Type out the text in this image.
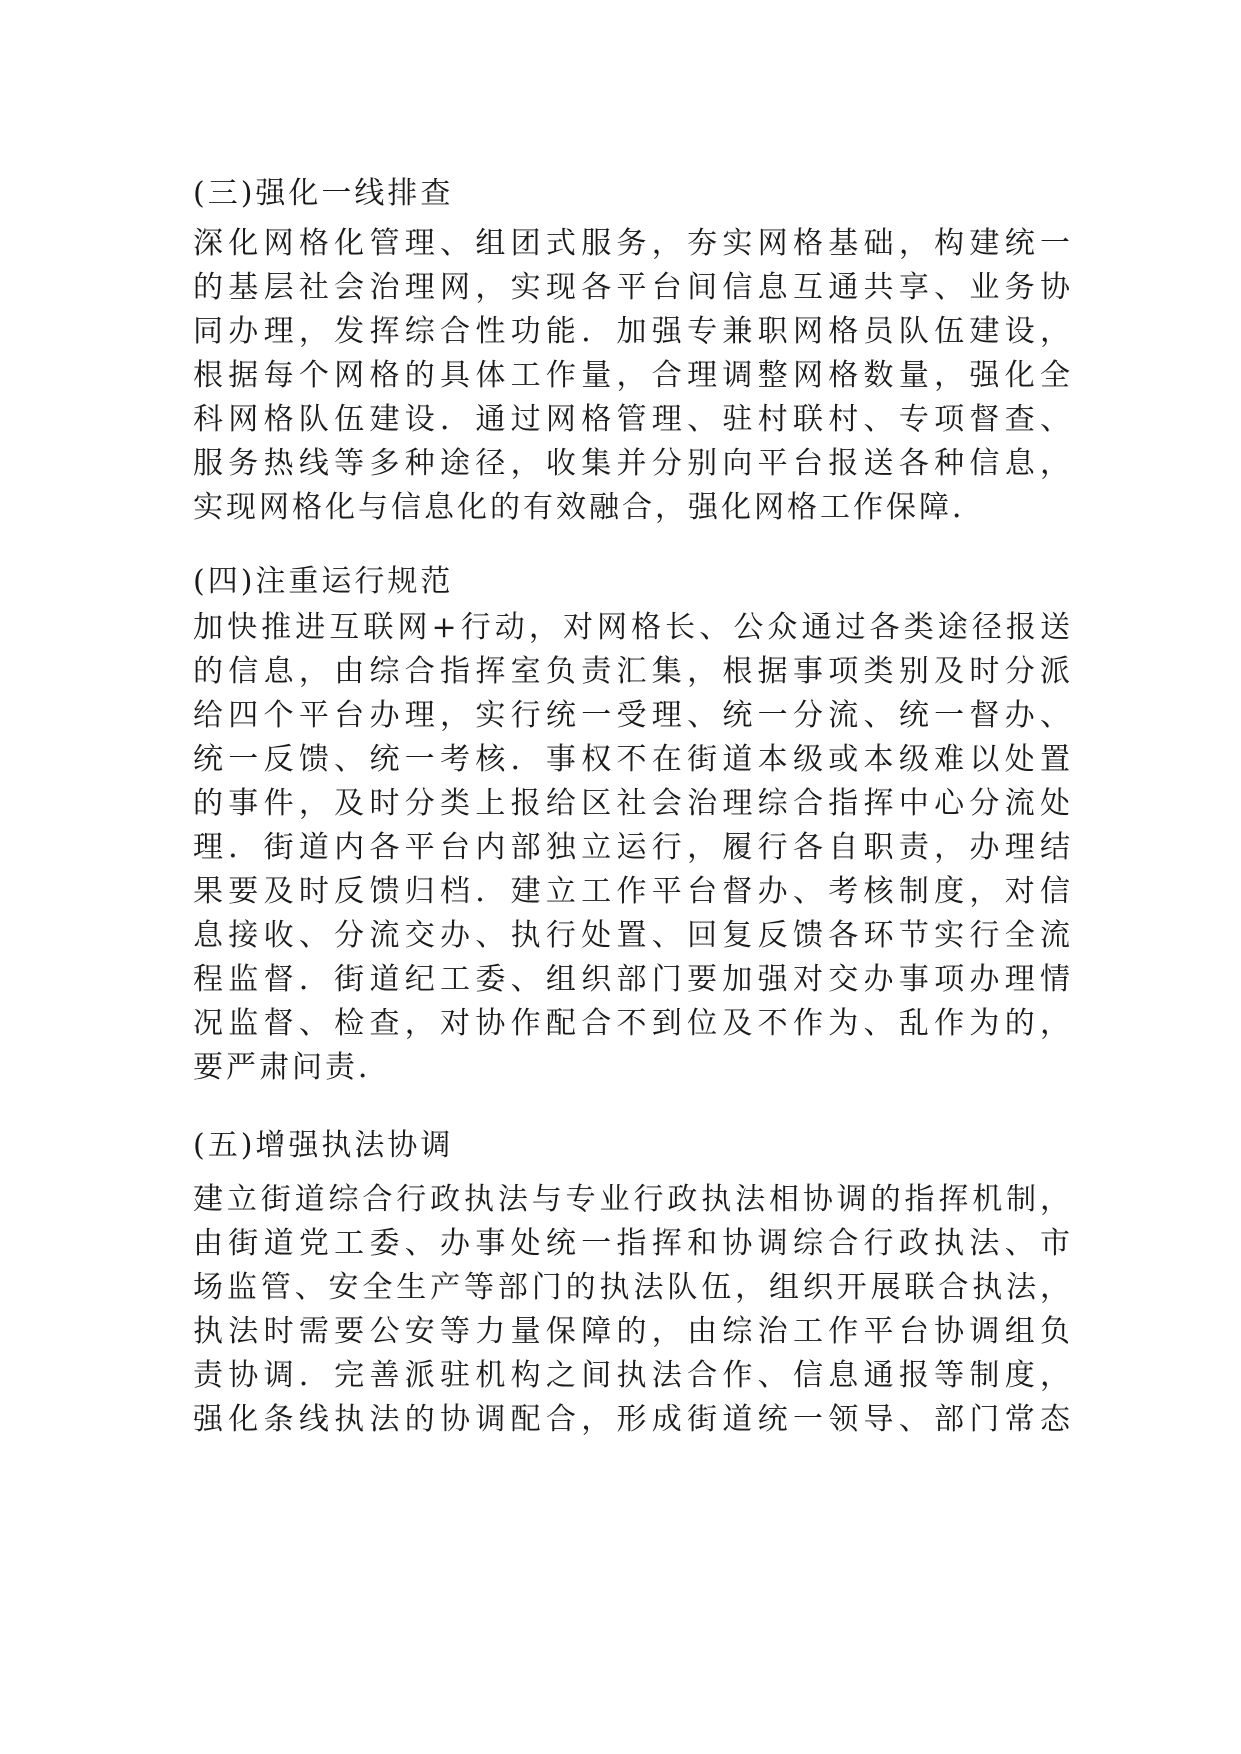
(三)强化一线排查
深化网格化管理、组团式服务，夯实网格基础，构建统一
的基层社会治理网，实现各平台间信息互通共享、业务协
同办理，发挥综合性功能．加强专兼职网格员队伍建设，
根据每个网格的具体工作量，合理调整网格数量，强化全
科网格队伍建设．通过网格管理、驻村联村、专项督查、
服务热线等多种途径，收集并分别向平台报送各种信息，
实现网格化与信息化的有效融合，强化网格工作保障．
(四)注重运行规范
加快推进互联网+行动，对网格长、公众通过各类途径报送
的信息，由综合指挥室负责汇集，根据事项类别及时分派
给四个平台办理，实行统一受理、统一分流、统一督办、
统一反馈、统一考核．事权不在街道本级或本级难以处置
的事件，及时分类上报给区社会治理综合指挥中心分流处
理．街道内各平台内部独立运行，履行各自职责，办理结
果要及时反馈归档．建立工作平台督办、考核制度，对信
息接收、分流交办、执行处置、回复反馈各环节实行全流
程监督．街道纪工委、组织部门要加强对交办事项办理情
况监督、检查，对协作配合不到位及不作为、乱作为的，
要严肃问责．
(五)增强执法协调
建立街道综合行政执法与专业行政执法相协调的指挥机制，
由街道党工委、办事处统一指挥和协调综合行政执法、市
场监管、安全生产等部门的执法队伍，组织开展联合执法，
执法时需要公安等力量保障的，由综治工作平台协调组负
责协调．完善派驻机构之间执法合作、信息通报等制度，
强化条线执法的协调配合，形成街道统一领导、部门常态
